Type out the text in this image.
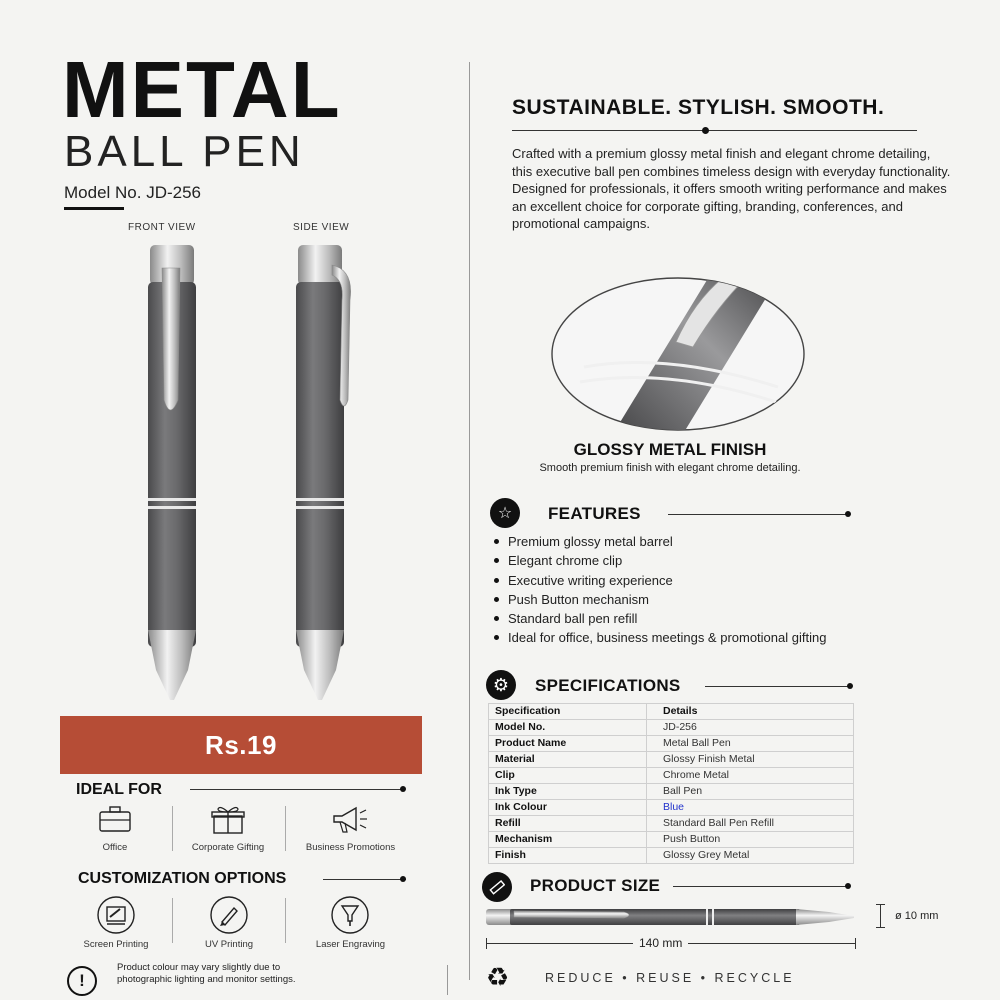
METAL
BALL PEN
Model No. JD-256
FRONT VIEW	SIDE VIEW
Rs.19
IDEAL FOR
Office	Corporate Gifting	Business Promotions
CUSTOMIZATION OPTIONS
Screen Printing	UV Printing	Laser Engraving
!
Product colour may vary slightly due to photographic lighting and monitor settings.
SUSTAINABLE. STYLISH. SMOOTH.
Crafted with a premium glossy metal finish and elegant chrome detailing, this executive ball pen combines timeless design with everyday functionality. Designed for professionals, it offers smooth writing performance and makes an excellent choice for corporate gifting, branding, conferences, and promotional campaigns.
GLOSSY METAL FINISH
Smooth premium finish with elegant chrome detailing.
☆	FEATURES
Premium glossy metal barrel
Elegant chrome clip
Executive writing experience
Push Button mechanism
Standard ball pen refill
Ideal for office, business meetings & promotional gifting
⚙	SPECIFICATIONS
Specification	Details
Model No.	JD-256
Product Name	Metal Ball Pen
Material	Glossy Finish Metal
Clip	Chrome Metal
Ink Type	Ball Pen
Ink Colour	Blue
Refill	Standard Ball Pen Refill
Mechanism	Push Button
Finish	Glossy Grey Metal
PRODUCT SIZE
ø 10 mm
140 mm
♻	REDUCE • REUSE • RECYCLE
